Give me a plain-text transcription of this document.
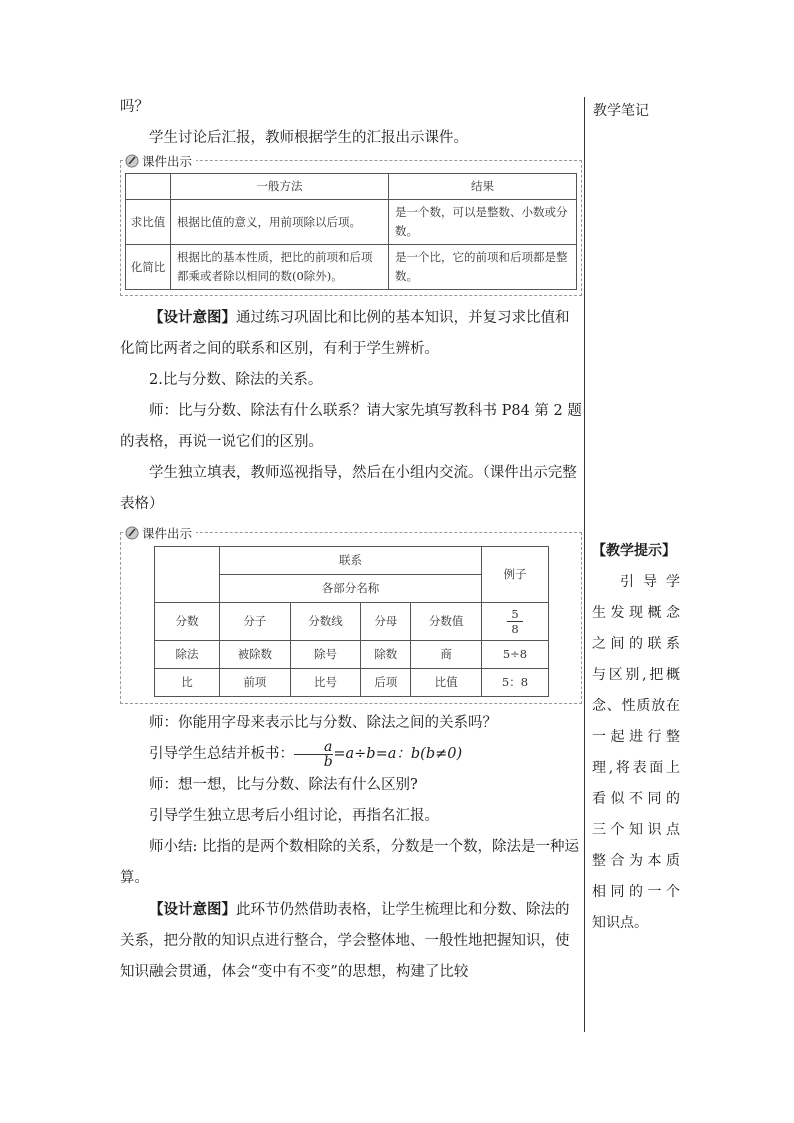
教学笔记
【教学提示】
引导学
生发现概念
之间的联系
与区别,把概
念、性质放在
一起进行整
理,将表面上
看似不同的
三个知识点
整合为本质
相同的一个
知识点。

吗？

学生讨论后汇报，教师根据学生的汇报出示课件。

课件出示
	一般方法	结果
求比值	根据比值的意义，用前项除以后项。	是一个数，可以是整数、小数或分数。
化简比	根据比的基本性质，把比的前项和后项都乘或者除以相同的数(0除外)。	是一个比，它的前项和后项都是整数。

【设计意图】通过练习巩固比和比例的基本知识，并复习求比值和化简比两者之间的联系和区别，有利于学生辨析。

2.比与分数、除法的关系。

师：比与分数、除法有什么联系？请大家先填写教科书 P84 第 2 题的表格，再说一说它们的区别。

学生独立填表，教师巡视指导，然后在小组内交流。（课件出示完整表格）

课件出示
	联系				例子
	各部分名称				
分数	分子	分数线	分母	分数值	$\frac{5}{8}$

除法	被除数	除号	除数	商	5÷8
比	前项	比号	后项	比值	5：8

师：你能用字母来表示比与分数、除法之间的关系吗？

引导学生总结并板书： $\frac{a}{b} =a\div b=a$：b(b≠0)

师：想一想，比与分数、除法有什么区别?

引导学生独立思考后小组讨论，再指名汇报。

师小结: 比指的是两个数相除的关系，分数是一个数，除法是一种运算。

【设计意图】此环节仍然借助表格，让学生梳理比和分数、除法的关系，把分散的知识点进行整合，学会整体地、一般性地把握知识，使知识融会贯通，体会“变中有不变”的思想，构建了比较
